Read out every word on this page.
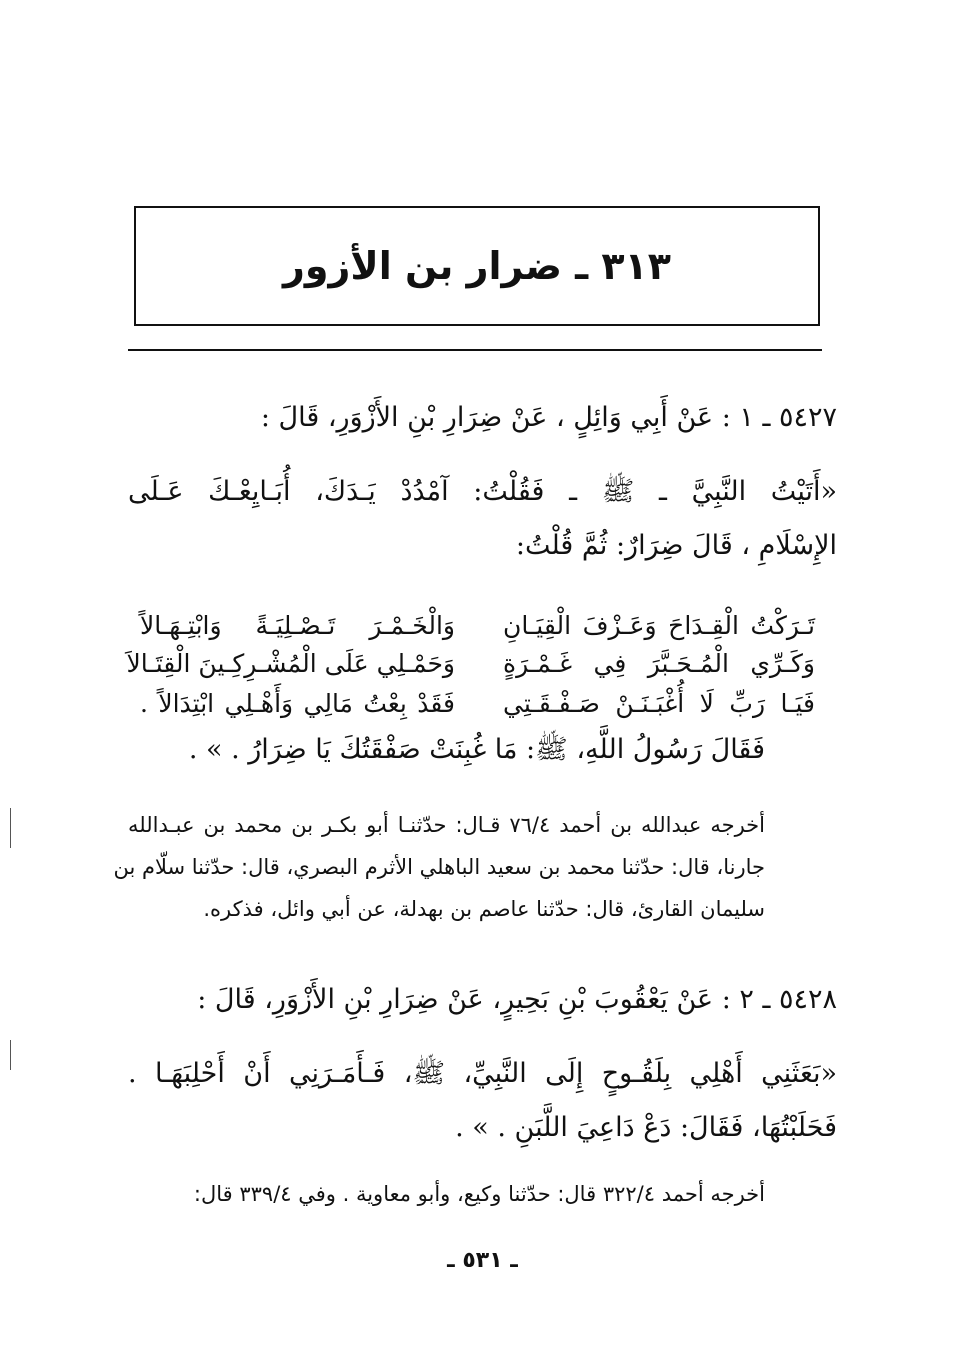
٣١٣ ـ ضرار بن الأزور

٥٤٢٧ ـ ١ : عَنْ أَبِي وَائِلٍ ، عَنْ ضِرَارِ بْنِ الأَزْوَرِ، قَالَ :

«أَتَيْتُ النَّبِيَّ ـ ﷺ ـ فَقُلْتُ: آمْدُدْ يَـدَكَ، أُبَـايِعْـكَ عَـلَى

الإِسْلَامِ ، قَالَ ضِرَارٌ: ثُمَّ قُلْتُ:

تَـرَكْتُ الْقِـدَاحَ وَعَـزْفَ الْقِيَـانِ

وَالْخَـمْـرَ تَـصْـلِيَـةً وَابْتِـهَـالاً

وَكَـرِّي الْمُـحَـبَّرَ فِي غَـمْـرَةٍ

وَحَمْـلِي عَلَى الْمُشْـرِكِـينَ الْقِتَـالاَ

فَيَـا رَبِّ لَا أُغْبَـنَـنْ صَـفْـقَـتِي

فَقَدْ بِعْتُ مَالِي وَأَهْـلِي ابْتِدَالاً .

فَقَالَ رَسُولُ اللَّهِ، ﷺ: مَا غُبِنَتْ صَفْقَتُكَ يَا ضِرَارُ . » .

أخرجه عبدالله بن أحمد ٧٦/٤ قـال: حدّثنـا أبو بكـر بن محمد بن عبـدالله

جارنا، قال: حدّثنا محمد بن سعيد الباهلي الأثرم البصري، قال: حدّثنا سلّام بن

سليمان القارئ، قال: حدّثنا عاصم بن بهدلة، عن أبي وائل، فذكره.

٥٤٢٨ ـ ٢ : عَنْ يَعْقُوبَ بْنِ بَحِيرٍ، عَنْ ضِرَارِ بْنِ الأَزْوَرِ، قَالَ :

«بَعَثَنِي أَهْلِي بِلَقُـوحٍ إِلَى النَّبِيِّ، ﷺ، فَـأَمَـرَنِي أَنْ أَحْلِبَهَـا .

فَحَلَبْتُهَا، فَقَالَ: دَعْ دَاعِيَ اللَّبَنِ . » .

أخرجه أحمد ٣٢٢/٤ قال: حدّثنا وكيع، وأبو معاوية . وفي ٣٣٩/٤ قال:

ـ ٥٣١ ـ
